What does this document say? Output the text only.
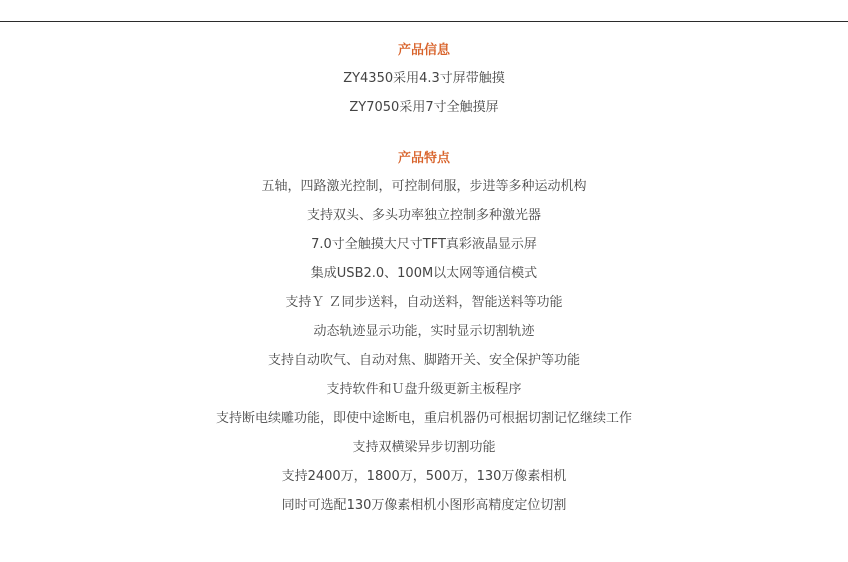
产品信息
ZY4350采用4.3寸屏带触摸
ZY7050采用7寸全触摸屏
产品特点
五轴，四路激光控制，可控制伺服，步进等多种运动机构
支持双头、多头功率独立控制多种激光器
7.0寸全触摸大尺寸TFT真彩液晶显示屏
集成USB2.0、100M以太网等通信模式
支持Ｙ Ｚ同步送料，自动送料，智能送料等功能
动态轨迹显示功能，实时显示切割轨迹
支持自动吹气、自动对焦、脚踏开关、安全保护等功能
支持软件和Ｕ盘升级更新主板程序
支持断电续雕功能，即使中途断电，重启机器仍可根据切割记忆继续工作
支持双横梁异步切割功能
支持2400万，1800万，500万，130万像素相机
同时可选配130万像素相机小图形高精度定位切割
